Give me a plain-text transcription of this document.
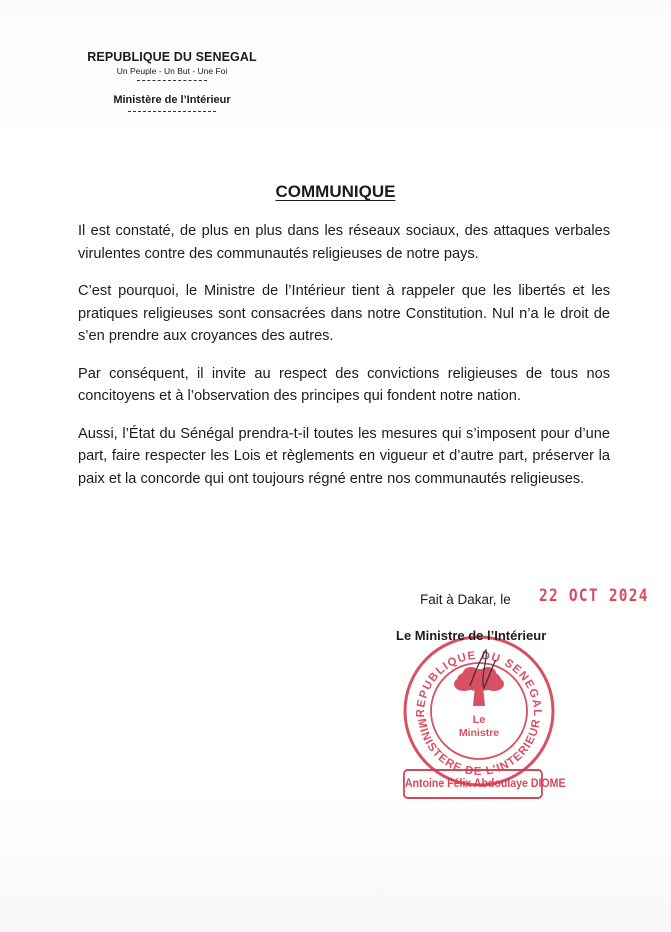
REPUBLIQUE DU SENEGAL
Un Peuple - Un But - Une Foi
Ministère de l’Intérieur
COMMUNIQUE

Il est constaté, de plus en plus dans les réseaux sociaux, des attaques verbales virulentes contre des communautés religieuses de notre pays.

C’est pourquoi, le Ministre de l’Intérieur tient à rappeler que les libertés et les pratiques religieuses sont consacrées dans notre Constitution. Nul n’a le droit de s’en prendre aux croyances des autres.

Par conséquent, il invite au respect des convictions religieuses de tous nos concitoyens et à l’observation des principes qui fondent notre nation.

Aussi, l’État du Sénégal prendra-t-il toutes les mesures qui s’imposent pour d’une part, faire respecter les Lois et règlements en vigueur et d’autre part, préserver la paix et la concorde qui ont toujours régné entre nos communautés religieuses.

Fait à Dakar, le 22 OCT 2024
REPUBLIQUE DU SENEGAL
MINISTERE DE L'INTERIEUR
Le
Ministre
Le Ministre de l’Intérieur
Antoine Félix Abdoulaye DIOME
